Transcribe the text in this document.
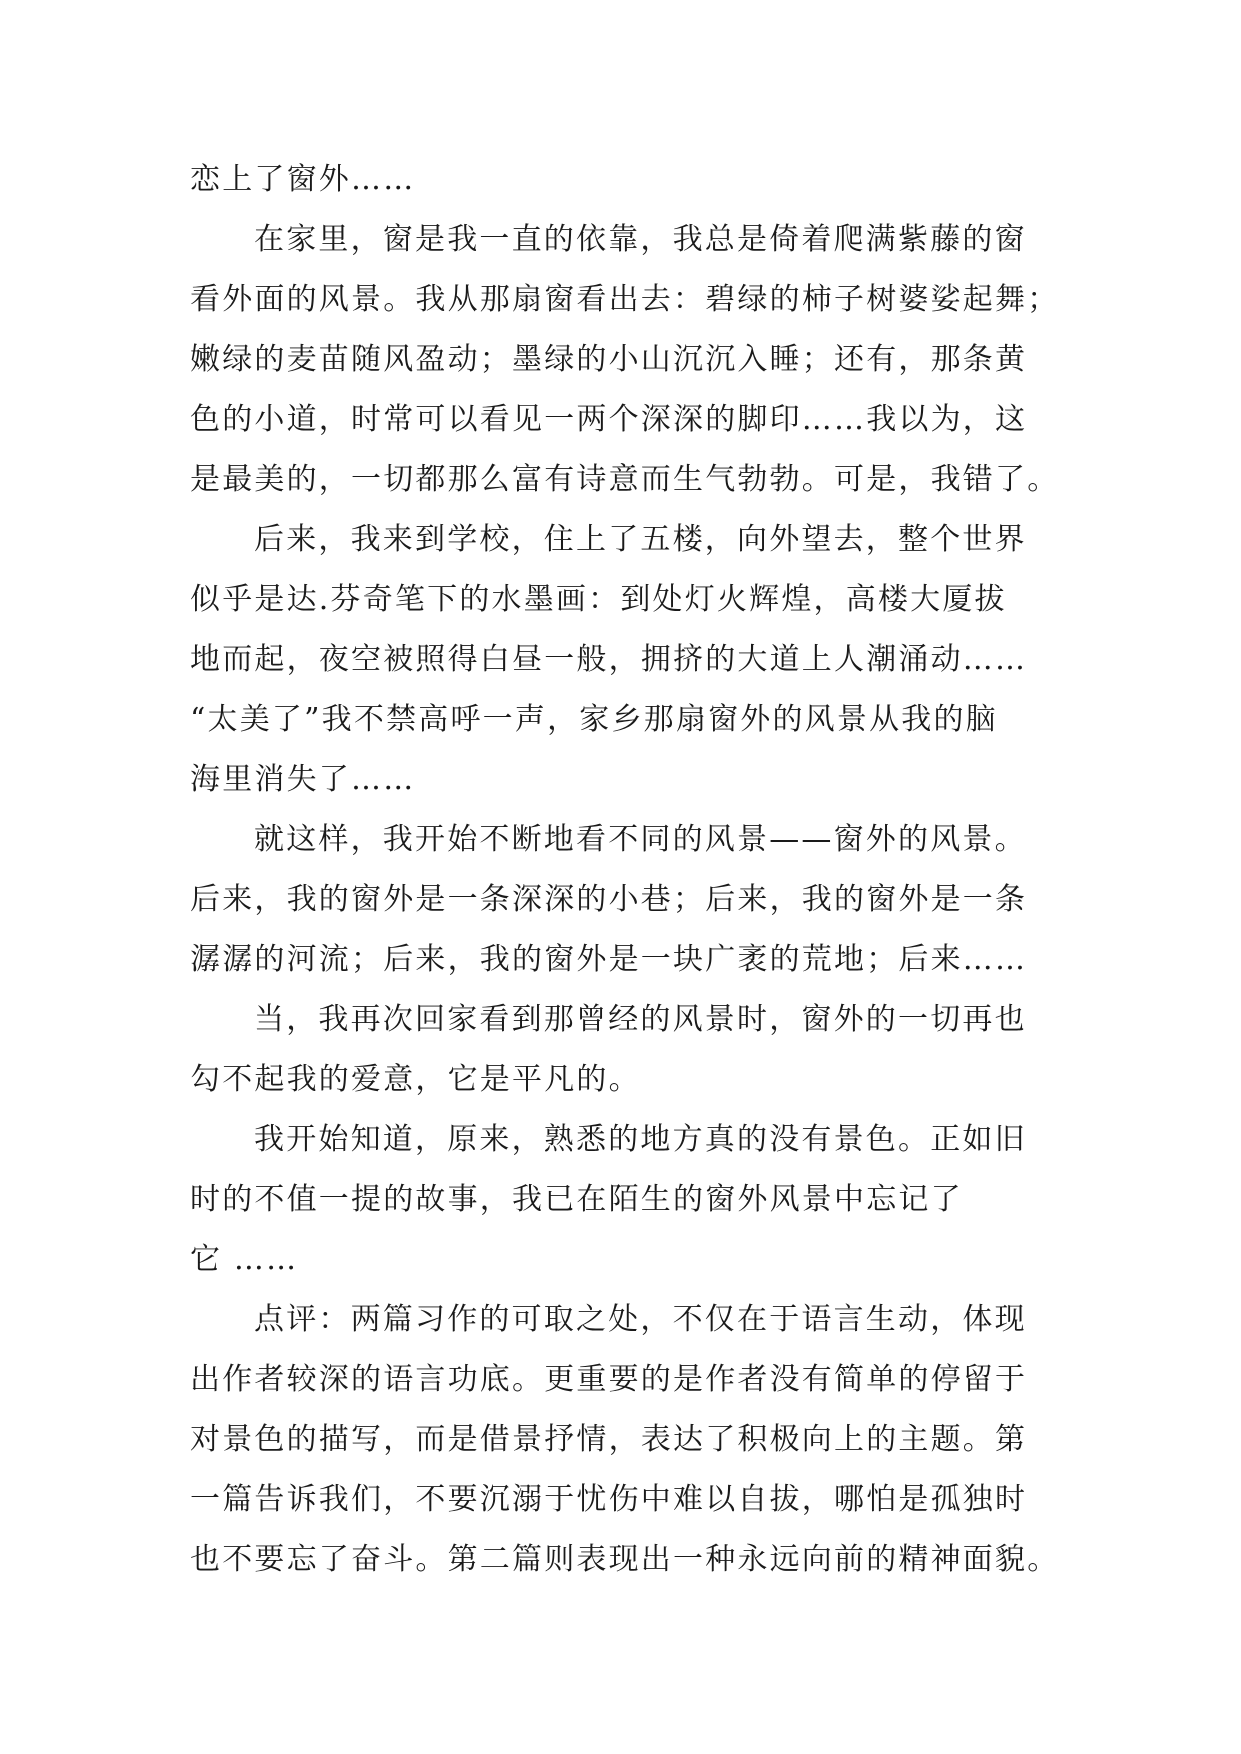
恋上了窗外……
在家里，窗是我一直的依靠，我总是倚着爬满紫藤的窗
看外面的风景。我从那扇窗看出去：碧绿的柿子树婆娑起舞；
嫩绿的麦苗随风盈动；墨绿的小山沉沉入睡；还有，那条黄
色的小道，时常可以看见一两个深深的脚印……我以为，这
是最美的，一切都那么富有诗意而生气勃勃。可是，我错了。
后来，我来到学校，住上了五楼，向外望去，整个世界
似乎是达.芬奇笔下的水墨画：到处灯火辉煌，高楼大厦拔
地而起，夜空被照得白昼一般，拥挤的大道上人潮涌动……
“太美了”我不禁高呼一声，家乡那扇窗外的风景从我的脑
海里消失了……
就这样，我开始不断地看不同的风景——窗外的风景。
后来，我的窗外是一条深深的小巷；后来，我的窗外是一条
潺潺的河流；后来，我的窗外是一块广袤的荒地；后来……
当，我再次回家看到那曾经的风景时，窗外的一切再也
勾不起我的爱意，它是平凡的。
我开始知道，原来，熟悉的地方真的没有景色。正如旧
时的不值一提的故事，我已在陌生的窗外风景中忘记了
它 ……
点评：两篇习作的可取之处，不仅在于语言生动，体现
出作者较深的语言功底。更重要的是作者没有简单的停留于
对景色的描写，而是借景抒情，表达了积极向上的主题。第
一篇告诉我们，不要沉溺于忧伤中难以自拔，哪怕是孤独时
也不要忘了奋斗。第二篇则表现出一种永远向前的精神面貌。
